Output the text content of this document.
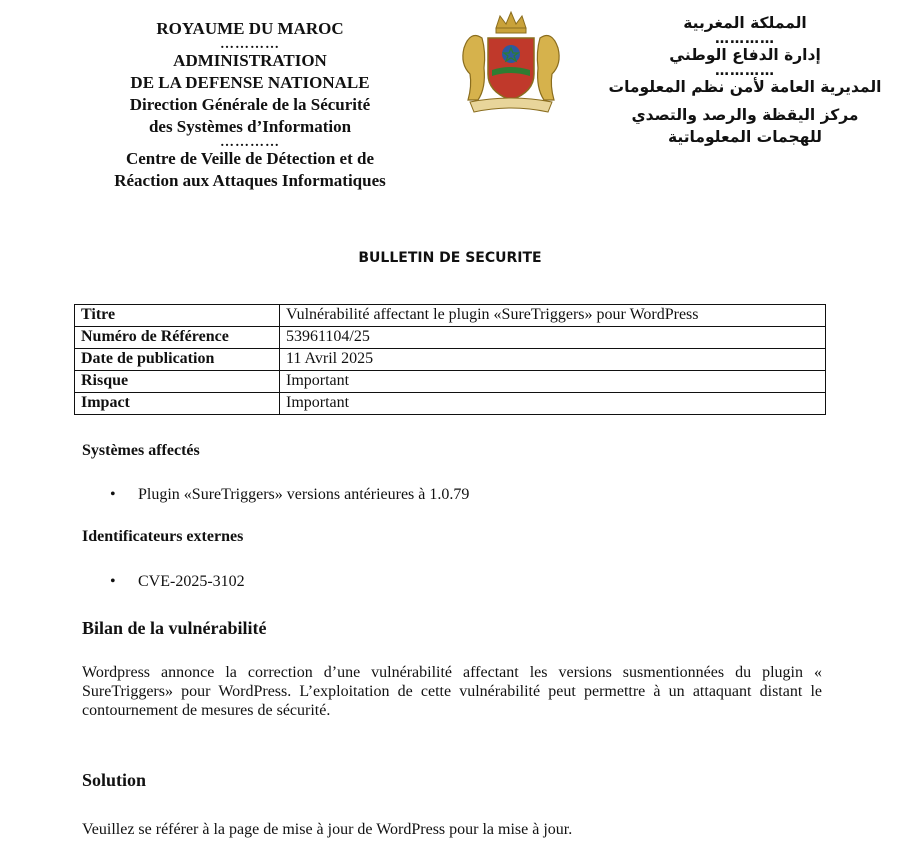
ROYAUME DU MAROC
…………
ADMINISTRATION
DE LA DEFENSE NATIONALE
Direction Générale de la Sécurité
des Systèmes d’Information
…………
Centre de Veille de Détection et de
Réaction aux Attaques Informatiques
المملكة المغربية
…………
إدارة الدفاع الوطني
…………
المديرية العامة لأمن نظم المعلومات
مركز اليقظة والرصد والتصدي
للهجمات المعلوماتية
BULLETIN DE SECURITE
Titre	Vulnérabilité affectant le plugin «SureTriggers» pour WordPress
Numéro de Référence	53961104/25
Date de publication	11 Avril 2025
Risque	Important
Impact	Important
Systèmes affectés
• Plugin «SureTriggers» versions antérieures à 1.0.79
Identificateurs externes
• CVE-2025-3102
Bilan de la vulnérabilité
Wordpress annonce la correction d’une vulnérabilité affectant les versions susmentionnées du plugin « SureTriggers» pour WordPress. L’exploitation de cette vulnérabilité peut permettre à un attaquant distant le contournement de mesures de sécurité.
Solution
Veuillez se référer à la page de mise à jour de WordPress pour la mise à jour.
